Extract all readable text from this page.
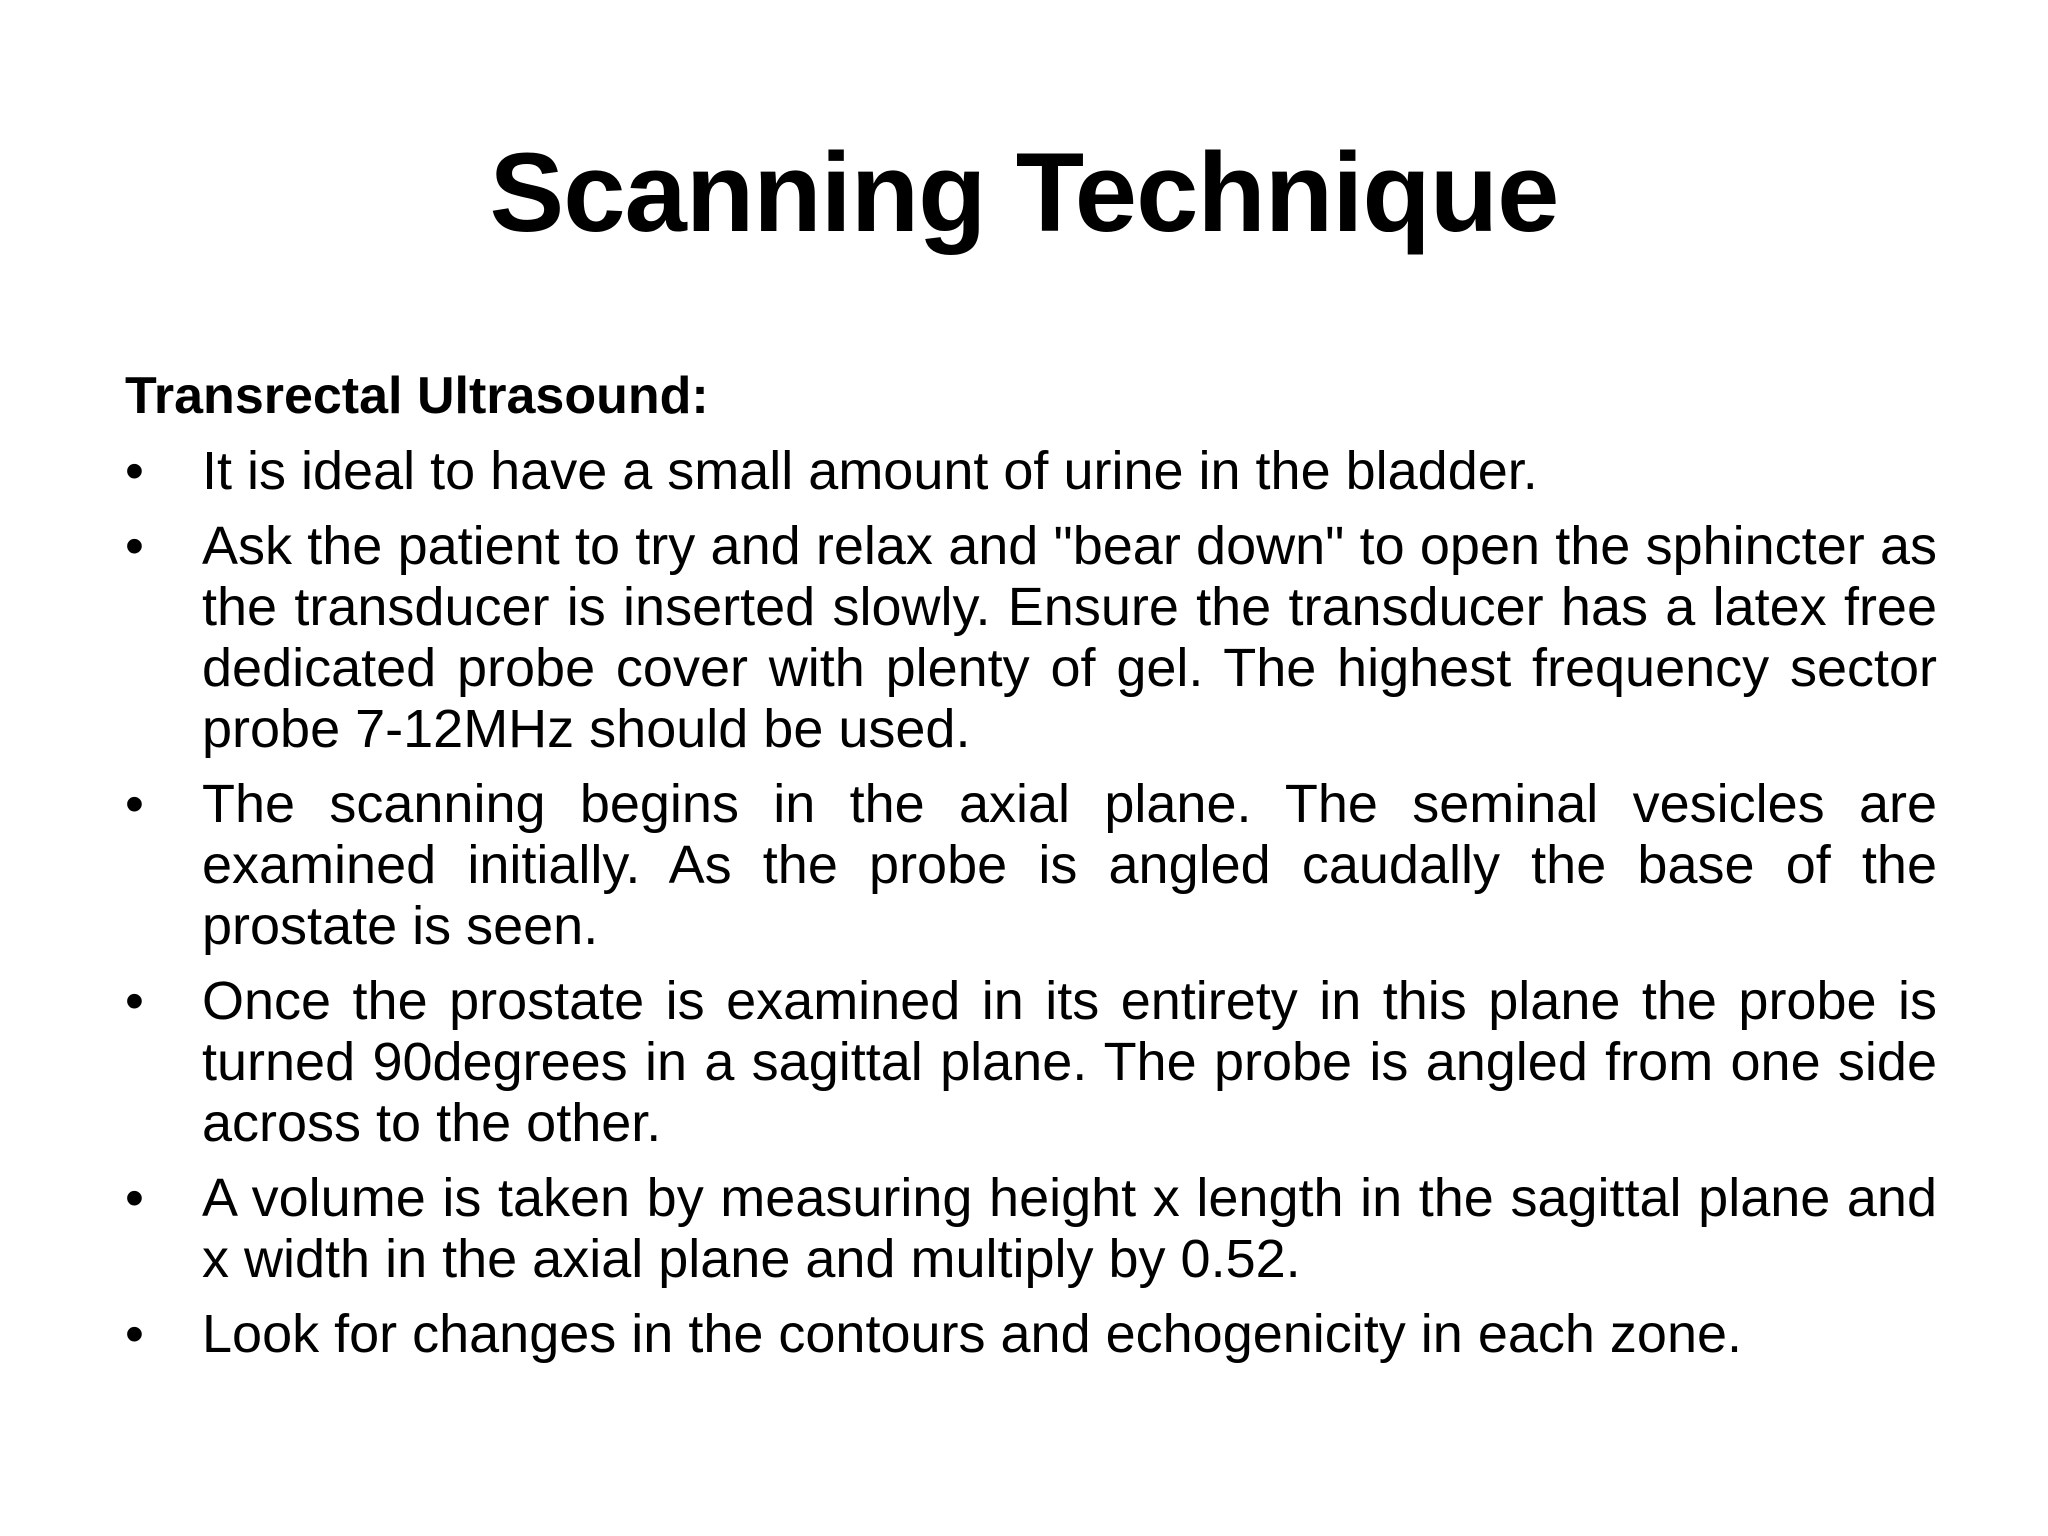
Scanning Technique
Transrectal Ultrasound:
•	It is ideal to have a small amount of urine in the bladder.
•	Ask the patient to try and relax and "bear down" to open the sphincter as the transducer is inserted slowly. Ensure the transducer has a latex free dedicated probe cover with plenty of gel. The highest frequency sector probe 7-12MHz should be used.
•	The scanning begins in the axial plane. The seminal vesicles are examined initially. As the probe is angled caudally the base of the prostate is seen.
•	Once the prostate is examined in its entirety in this plane the probe is turned 90degrees in a sagittal plane. The probe is angled from one side across to the other.
•	A volume is taken by measuring height x length in the sagittal plane and x width in the axial plane and multiply by 0.52.
•	Look for changes in the contours and echogenicity in each zone.
